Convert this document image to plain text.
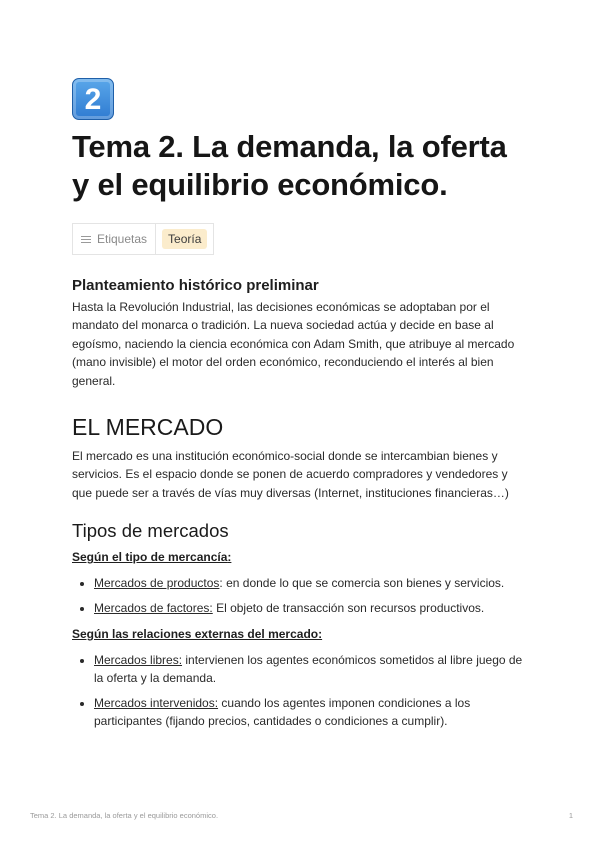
2
Tema 2. La demanda, la oferta y el equilibrio económico.
Etiquetas	Teoría
Planteamiento histórico preliminar

Hasta la Revolución Industrial, las decisiones económicas se adoptaban por el mandato del monarca o tradición. La nueva sociedad actúa y decide en base al egoísmo, naciendo la ciencia económica con Adam Smith, que atribuye al mercado (mano invisible) el motor del orden económico, reconduciendo el interés al bien general.

EL MERCADO

El mercado es una institución económico-social donde se intercambian bienes y servicios. Es el espacio donde se ponen de acuerdo compradores y vendedores y que puede ser a través de vías muy diversas (Internet, instituciones financieras…)

Tipos de mercados
Según el tipo de mercancía:
• Mercados de productos: en donde lo que se comercia son bienes y servicios.
• Mercados de factores: El objeto de transacción son recursos productivos.
Según las relaciones externas del mercado:
• Mercados libres: intervienen los agentes económicos sometidos al libre juego de la oferta y la demanda.
• Mercados intervenidos: cuando los agentes imponen condiciones a los participantes (fijando precios, cantidades o condiciones a cumplir).
Tema 2. La demanda, la oferta y el equilibrio económico.	1
